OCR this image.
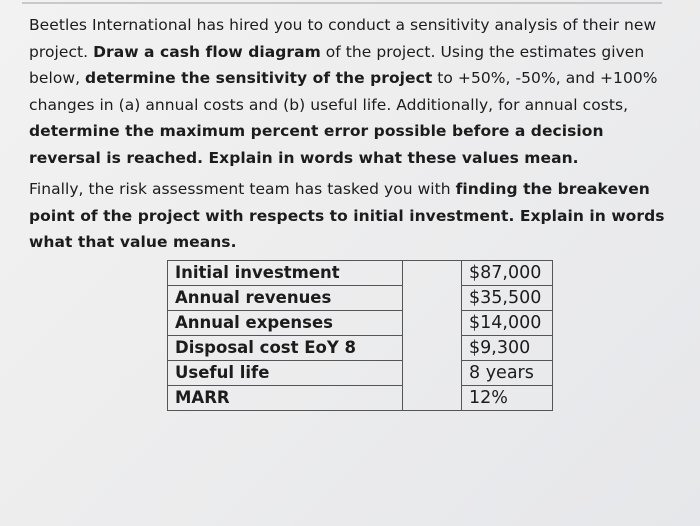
Beetles International has hired you to conduct a sensitivity analysis of their new project. Draw a cash flow diagram of the project. Using the estimates given below, determine the sensitivity of the project to +50%, -50%, and +100% changes in (a) annual costs and (b) useful life. Additionally, for annual costs, determine the maximum percent error possible before a decision reversal is reached. Explain in words what these values mean.

Finally, the risk assessment team has tasked you with finding the breakeven point of the project with respects to initial investment. Explain in words what that value means.

Initial investment		$87,000
Annual revenues		$35,500
Annual expenses		$14,000
Disposal cost EoY 8		$9,300
Useful life		8 years
MARR		12%
